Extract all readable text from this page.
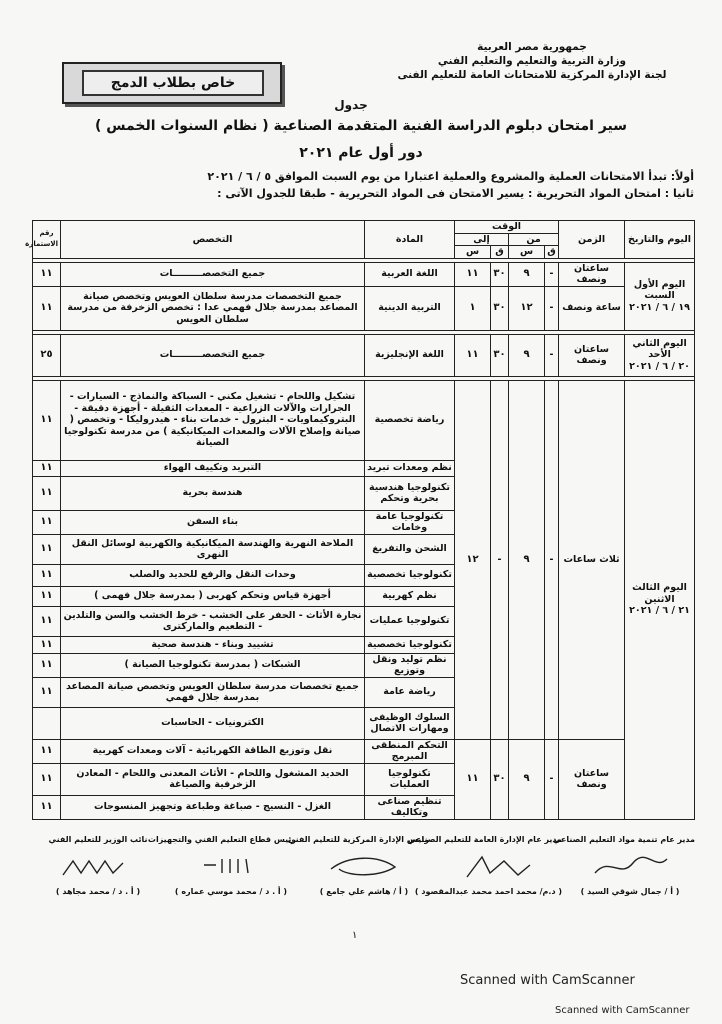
جمهورية مصر العربية
وزارة التربية والتعليم والتعليم الفني
لجنة الإدارة المركزية للامتحانات العامة للتعليم الفنى
خاص بطلاب الدمج
جدول
سير امتحان دبلوم الدراسة الفنية المتقدمة الصناعية ( نظام السنوات الخمس )
دور أول عام ٢٠٢١
أولاً: تبدأ الامتحانات العملية والمشروع والعملية اعتبارا من يوم السبت الموافق ٥ / ٦ / ٢٠٢١
ثانيا : امتحان المواد التحريرية : يسير الامتحان فى المواد التحريرية - طبقا للجدول الآتى :
اليوم والتاريخ	الزمن	الوقت				المادة	التخصص	رقم الاستمارة
		من		إلى				
		ق	س	ق	س			

اليوم الأول السبت
١٩ / ٦ / ٢٠٢١	ساعتان ونصف	-	٩	٣٠	١١	اللغة العربية	جميع التخصصـــــــــات	١١
	ساعة ونصف	-	١٢	٣٠	١	التربية الدينية	جميع التخصصات مدرسة سلطان العويس وتخصص صيانة المصاعد بمدرسة جلال فهمي عدا : تخصص الزخرفة من مدرسة سلطان العويس	١١

اليوم الثاني الأحد
٢٠ / ٦ / ٢٠٢١	ساعتان ونصف	-	٩	٣٠	١١	اللغة الإنجليزية	جميع التخصصـــــــــات	٢٥

اليوم الثالث الاثنين
٢١ / ٦ / ٢٠٢١	ثلاث ساعات	-	٩	-	١٢	رياضة تخصصية	تشكيل واللحام - تشغيل مكني - السباكة والنماذج - السيارات - الجرارات والآلات الزراعية - المعدات الثقيلة - أجهزة دقيقة - البتروكيماويات - البترول - خدمات بناء - هيدروليكا - وتخصص ( صيانة وإصلاح الآلات والمعدات الميكانيكية ) من مدرسة تكنولوجيا الصيانة	١١
						نظم ومعدات تبريد	التبريد وتكييف الهواء	١١
						تكنولوجيا هندسية بحرية وتحكم	هندسة بحرية	١١
						تكنولوجيا عامة وخامات	بناء السفن	١١
						الشحن والتفريغ	الملاحة النهرية والهندسة الميكانيكية والكهربية لوسائل النقل النهرى	١١
						تكنولوجيا تخصصية	وحدات النقل والرفع للحديد والصلب	١١
						نظم كهربية	أجهزة قياس وتحكم كهربى ( بمدرسة جلال فهمى )	١١
						تكنولوجيا عمليات	نجارة الأثاث - الحفر على الخشب - خرط الخشب والسن والتلدين - التطعيم والماركترى	١١
						تكنولوجيا تخصصية	تشييد وبناء - هندسة صحية	١١
						نظم توليد ونقل وتوزيع	الشبكات ( بمدرسة تكنولوجيا الصيانة )	١١
						رياضة عامة	جميع تخصصات مدرسة سلطان العويس وتخصص صيانة المصاعد بمدرسة جلال فهمي	١١
						السلوك الوظيفى ومهارات الاتصال	الكترونيات - الحاسبات	
	ساعتان ونصف	-	٩	٣٠	١١	التحكم المنطقى المبرمج	نقل وتوزيع الطاقة الكهربائية - آلات ومعدات كهربية	١١
						تكنولوجيا العمليات	الحديد المشغول واللحام - الأثاث المعدنى واللحام - المعادن الزخرفية والصياغة	١١
						تنظيم صناعى وتكاليف	الغزل - النسيج - صباغة وطباعة وتجهيز المنسوجات	١١
مدير عام تنمية مواد التعليم الصناعي
( أ / جمال شوقي السيد )
مدير عام الإدارة العامة للتعليم الصناعي
( د.م/ محمد احمد محمد عبدالمقصود )
رئيس الإدارة المركزية للتعليم الفني
( أ / هاشم علي جامع )
رئيس قطاع التعليم الفني والتجهيزات
( أ . د / محمد موسي عماره )
نائب الوزير للتعليم الفني
( أ . د / محمد مجاهد )
١
Scanned with CamScanner
Scanned with CamScanner
